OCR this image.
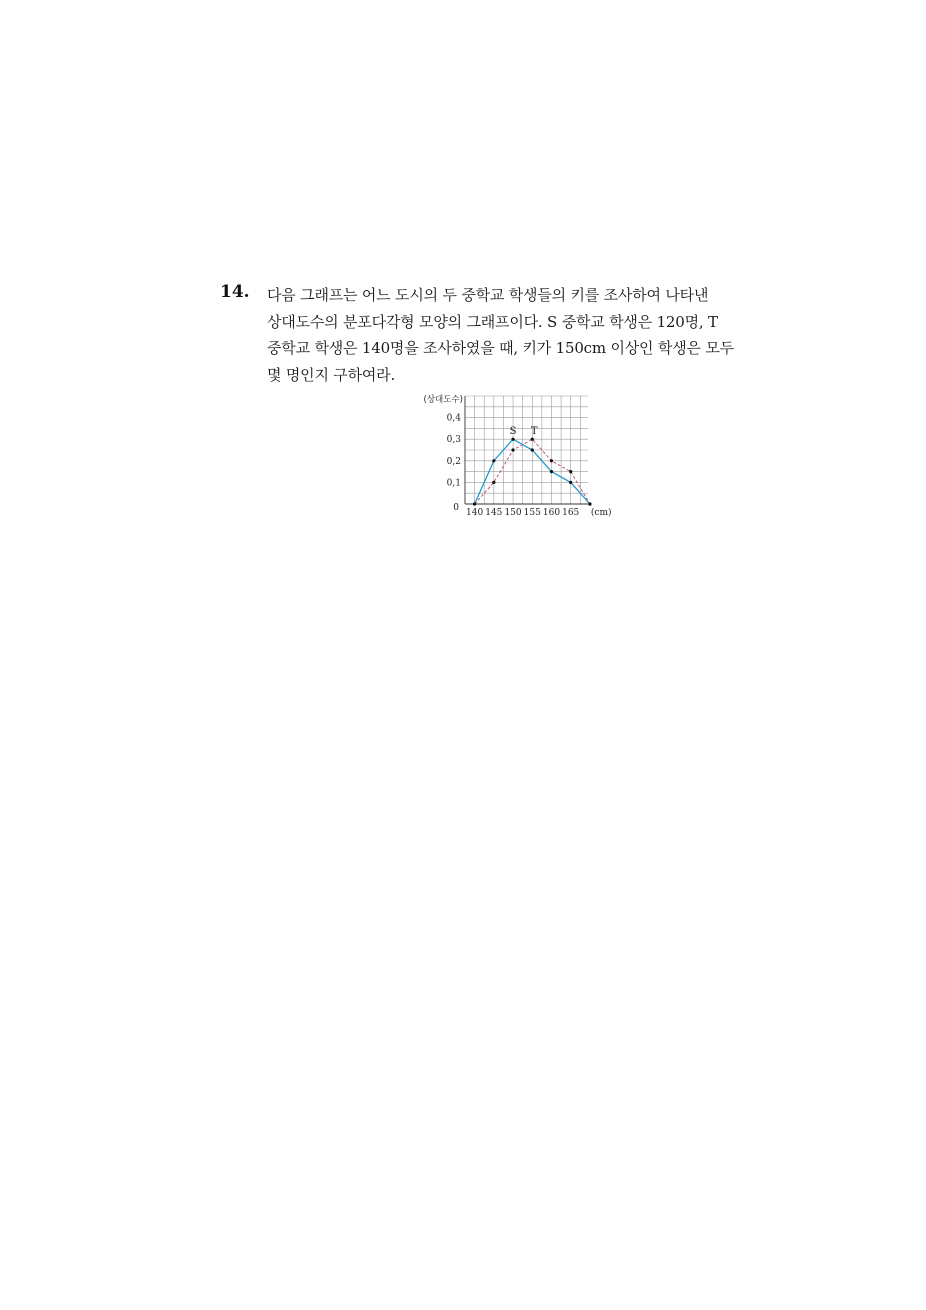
14. 다음 그래프는 어느 도시의 두 중학교 학생들의 키를 조사하여 나타낸
상대도수의 분포다각형 모양의 그래프이다. S 중학교 학생은 120명, T
중학교 학생은 140명을 조사하였을 때, 키가 150cm 이상인 학생은 모두
몇 명인지 구하여라.
0,1
0,2
0,3
0,4
0 140 145 150 155 160 165 (cm)
(상대도수)
S T
